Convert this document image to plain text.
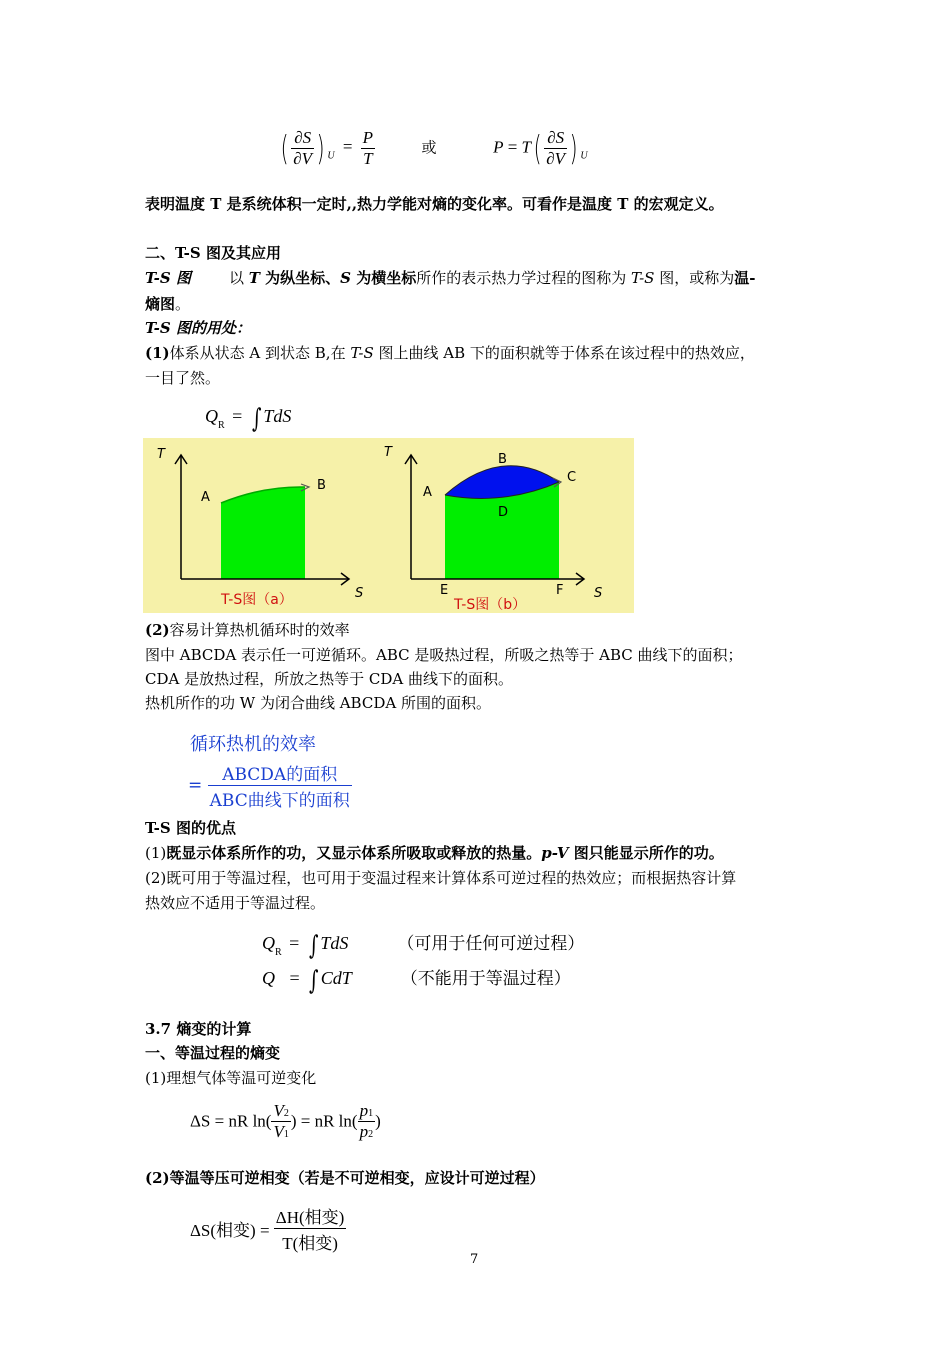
( $\frac{\partial S}{\partial V}$ ) $_U = \frac{P}{T}$	或	$P = T( \frac{\partial S}{\partial V}$ ) $_U$
表明温度 T 是系统体积一定时,,热力学能对熵的变化率。可看作是温度 T 的宏观定义。
二、T-S 图及其应用
T-S 图	以 T 为纵坐标、S 为横坐标所作的表示热力学过程的图称为 T-S 图，或称为温-
熵图。
T-S 图的用处：
(1)体系从状态 A 到状态 B,在 T-S 图上曲线 AB 下的面积就等于体系在该过程中的热效应，
一目了然。
$Q_R$ = ∫ TdS
T
A
B
S
T-S图（a）
T
A
B
C
D
E	F S
T-S图（b）
(2)容易计算热机循环时的效率
图中 ABCDA 表示任一可逆循环。ABC 是吸热过程，所吸之热等于 ABC 曲线下的面积；
CDA 是放热过程，所放之热等于 CDA 曲线下的面积。
热机所作的功 W 为闭合曲线 ABCDA 所围的面积。
循环热机的效率
= $\frac{\text{ABCDA的面积}}{\text{ABC曲线下的面积}}$
T-S 图的优点
(1)既显示体系所作的功，又显示体系所吸取或释放的热量。p-V 图只能显示所作的功。
(2)既可用于等温过程，也可用于变温过程来计算体系可逆过程的热效应；而根据热容计算
热效应不适用于等温过程。
$Q_R$ = ∫ TdS	（可用于任何可逆过程）
Q = ∫ CdT	（不能用于等温过程）
3.7 熵变的计算
一、等温过程的熵变
(1)理想气体等温可逆变化
ΔS = nR $\ln( \frac{V2}{V1}$ ) = nR $\ln( \frac{p1}{p2}$ )
(2)等温等压可逆相变（若是不可逆相变，应设计可逆过程）
ΔS(相变) = $\frac{\text{ΔH(相变)}}{\text{T(相变)}}$
7
